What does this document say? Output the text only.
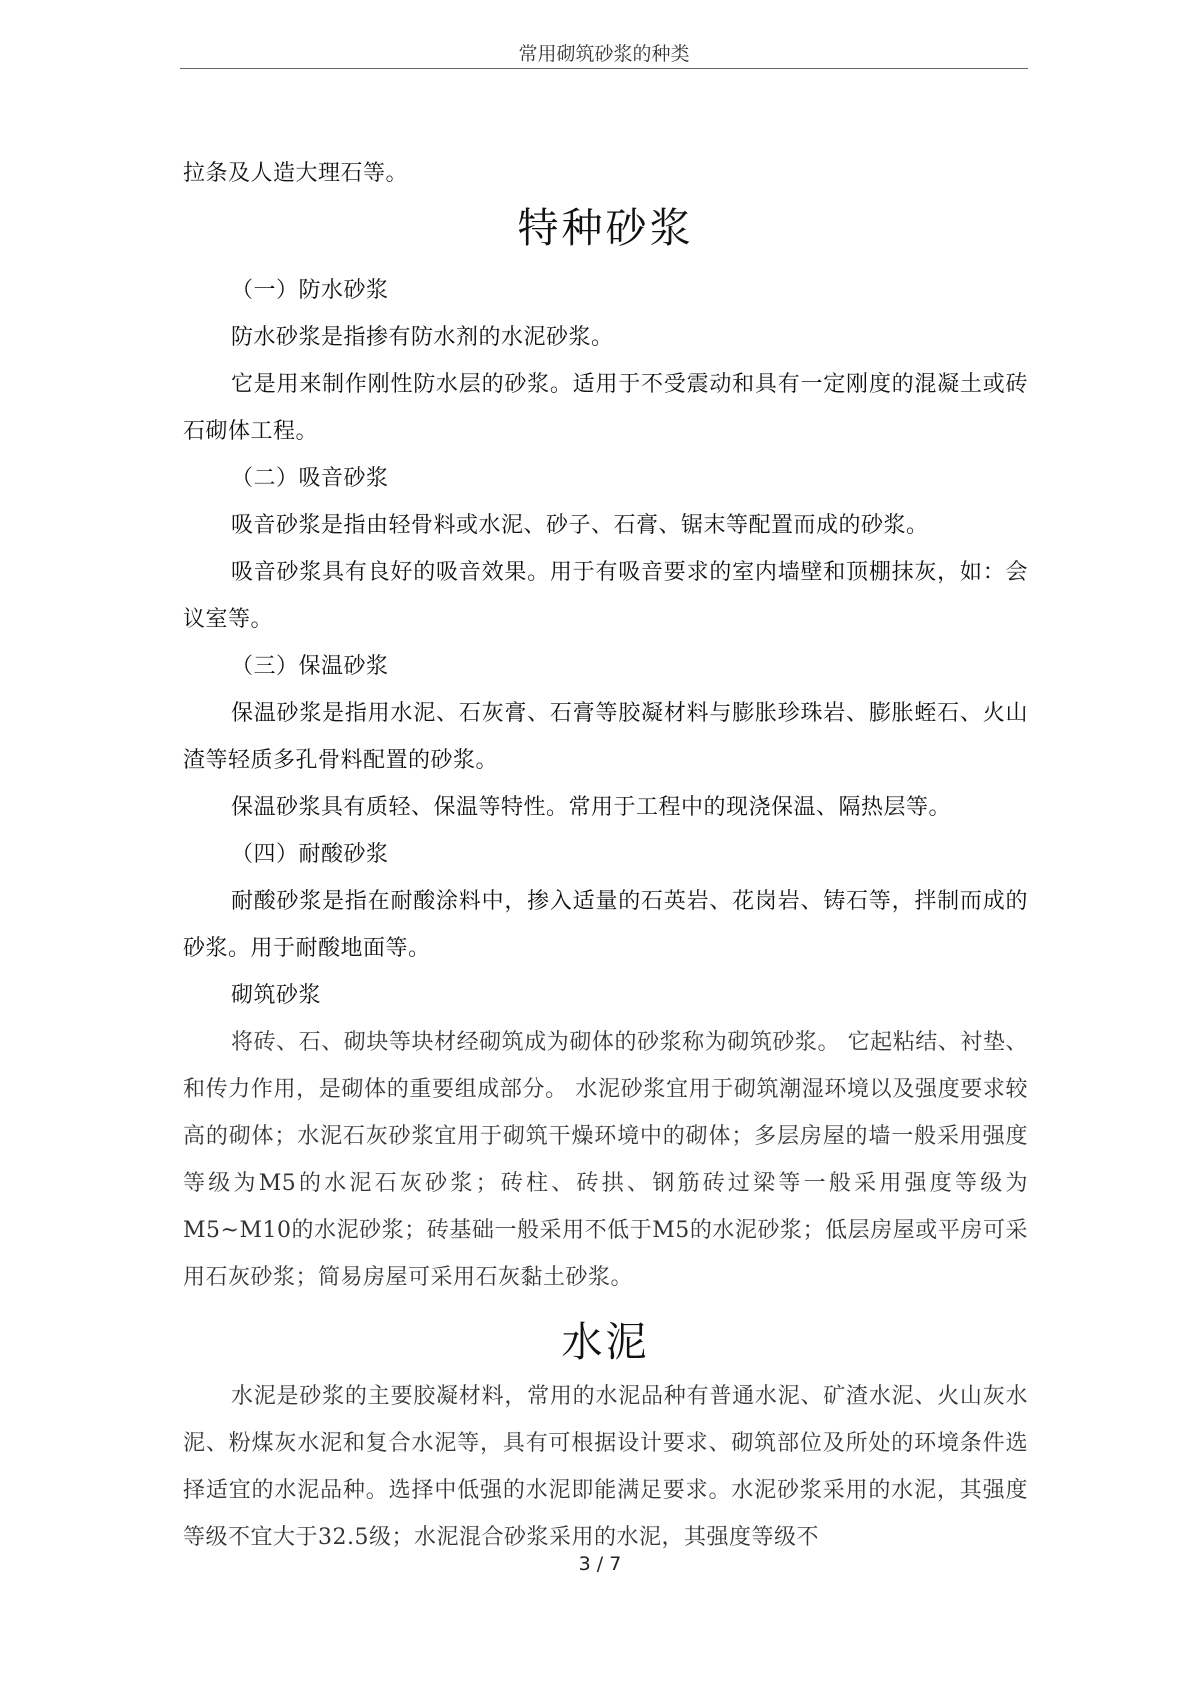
常用砌筑砂浆的种类

拉条及人造大理石等。

特种砂浆

（一）防水砂浆

防水砂浆是指掺有防水剂的水泥砂浆。

它是用来制作刚性防水层的砂浆。适用于不受震动和具有一定刚度的混凝土或砖石砌体工程。

（二）吸音砂浆

吸音砂浆是指由轻骨料或水泥、砂子、石膏、锯末等配置而成的砂浆。

吸音砂浆具有良好的吸音效果。用于有吸音要求的室内墙壁和顶棚抹灰，如：会议室等。

（三）保温砂浆

保温砂浆是指用水泥、石灰膏、石膏等胶凝材料与膨胀珍珠岩、膨胀蛭石、火山渣等轻质多孔骨料配置的砂浆。

保温砂浆具有质轻、保温等特性。常用于工程中的现浇保温、隔热层等。

（四）耐酸砂浆

耐酸砂浆是指在耐酸涂料中，掺入适量的石英岩、花岗岩、铸石等，拌制而成的砂浆。用于耐酸地面等。

砌筑砂浆

将砖、石、砌块等块材经砌筑成为砌体的砂浆称为砌筑砂浆。 它起粘结、衬垫、和传力作用，是砌体的重要组成部分。 水泥砂浆宜用于砌筑潮湿环境以及强度要求较高的砌体；水泥石灰砂浆宜用于砌筑干燥环境中的砌体；多层房屋的墙一般采用强度等级为M5的水泥石灰砂浆；砖柱、砖拱、钢筋砖过梁等一般采用强度等级为M5~M10的水泥砂浆；砖基础一般采用不低于M5的水泥砂浆；低层房屋或平房可采用石灰砂浆；简易房屋可采用石灰黏土砂浆。

水泥

水泥是砂浆的主要胶凝材料，常用的水泥品种有普通水泥、矿渣水泥、火山灰水泥、粉煤灰水泥和复合水泥等，具有可根据设计要求、砌筑部位及所处的环境条件选择适宜的水泥品种。选择中低强的水泥即能满足要求。水泥砂浆采用的水泥，其强度等级不宜大于32.5级；水泥混合砂浆采用的水泥，其强度等级不

3 / 7
